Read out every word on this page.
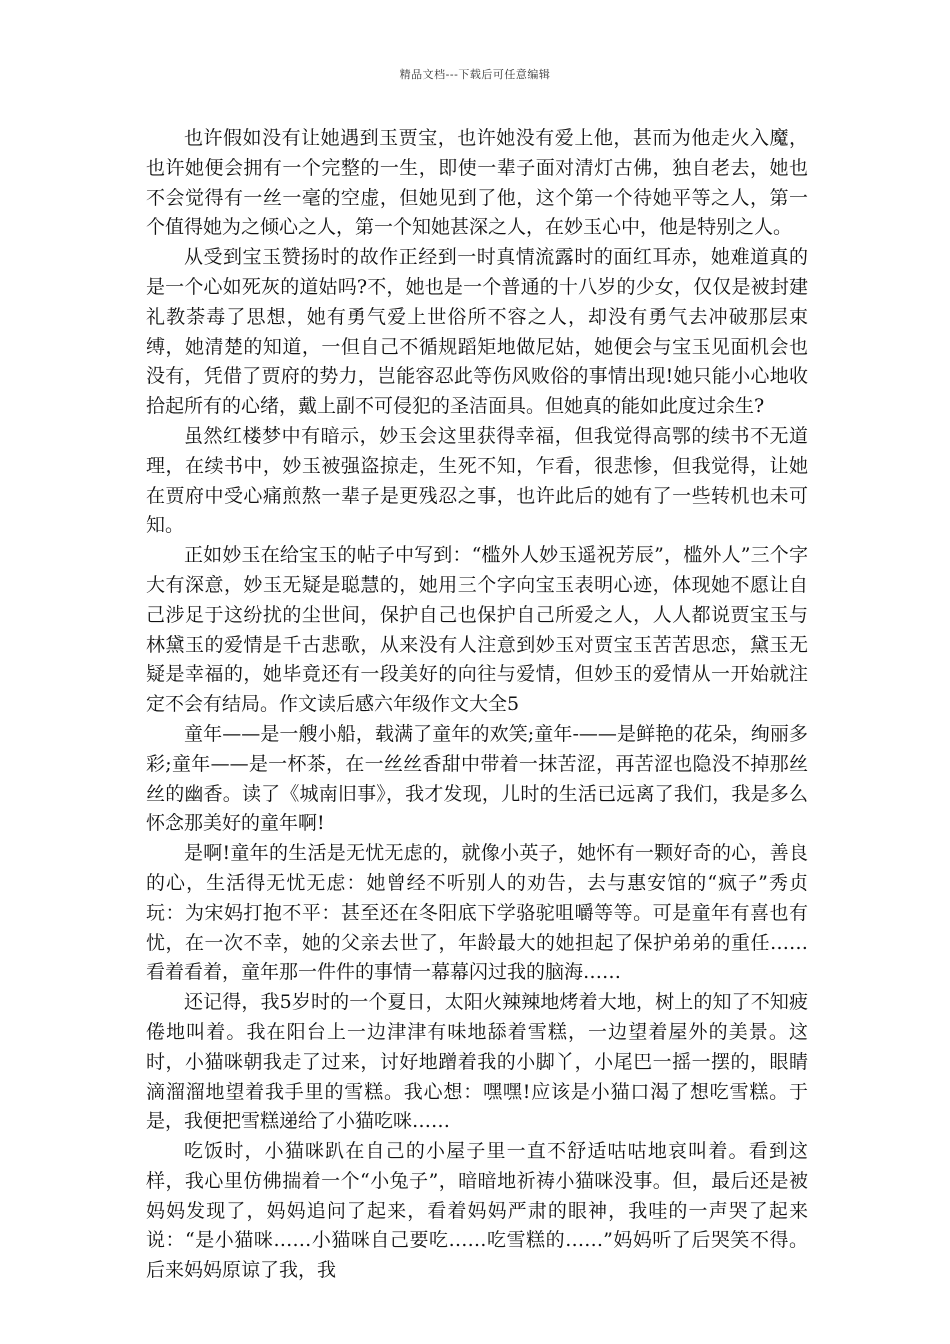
精品文档---下载后可任意编辑

也许假如没有让她遇到玉贾宝，也许她没有爱上他，甚而为他走火入魔，也许她便会拥有一个完整的一生，即使一辈子面对清灯古佛，独自老去，她也不会觉得有一丝一毫的空虚，但她见到了他，这个第一个待她平等之人，第一个值得她为之倾心之人，第一个知她甚深之人，在妙玉心中，他是特别之人。

从受到宝玉赞扬时的故作正经到一时真情流露时的面红耳赤，她难道真的是一个心如死灰的道姑吗?不，她也是一个普通的十八岁的少女，仅仅是被封建礼教荼毒了思想，她有勇气爱上世俗所不容之人，却没有勇气去冲破那层束缚，她清楚的知道，一但自己不循规蹈矩地做尼姑，她便会与宝玉见面机会也没有，凭借了贾府的势力，岂能容忍此等伤风败俗的事情出现!她只能小心地收拾起所有的心绪，戴上副不可侵犯的圣洁面具。但她真的能如此度过余生?

虽然红楼梦中有暗示，妙玉会这里获得幸福，但我觉得高鄂的续书不无道理，在续书中，妙玉被强盗掠走，生死不知，乍看，很悲惨，但我觉得，让她在贾府中受心痛煎熬一辈子是更残忍之事，也许此后的她有了一些转机也未可知。

正如妙玉在给宝玉的帖子中写到：“槛外人妙玉遥祝芳辰”，槛外人”三个字大有深意，妙玉无疑是聪慧的，她用三个字向宝玉表明心迹，体现她不愿让自己涉足于这纷扰的尘世间，保护自己也保护自己所爱之人，人人都说贾宝玉与林黛玉的爱情是千古悲歌，从来没有人注意到妙玉对贾宝玉苦苦思恋，黛玉无疑是幸福的，她毕竟还有一段美好的向往与爱情，但妙玉的爱情从一开始就注定不会有结局。作文读后感六年级作文大全5

童年——是一艘小船，载满了童年的欢笑;童年-——是鲜艳的花朵，绚丽多彩;童年——是一杯茶，在一丝丝香甜中带着一抹苦涩，再苦涩也隐没不掉那丝丝的幽香。读了《城南旧事》，我才发现，儿时的生活已远离了我们，我是多么怀念那美好的童年啊!

是啊!童年的生活是无忧无虑的，就像小英子，她怀有一颗好奇的心，善良的心，生活得无忧无虑：她曾经不听别人的劝告，去与惠安馆的“疯子”秀贞玩：为宋妈打抱不平：甚至还在冬阳底下学骆驼咀嚼等等。可是童年有喜也有忧，在一次不幸，她的父亲去世了，年龄最大的她担起了保护弟弟的重任……看着看着，童年那一件件的事情一幕幕闪过我的脑海……

还记得，我5岁时的一个夏日，太阳火辣辣地烤着大地，树上的知了不知疲倦地叫着。我在阳台上一边津津有味地舔着雪糕，一边望着屋外的美景。这时，小猫咪朝我走了过来，讨好地蹭着我的小脚丫，小尾巴一摇一摆的，眼睛滴溜溜地望着我手里的雪糕。我心想：嘿嘿!应该是小猫口渴了想吃雪糕。于是，我便把雪糕递给了小猫吃咪……

吃饭时，小猫咪趴在自己的小屋子里一直不舒适咕咕地哀叫着。看到这样，我心里仿佛揣着一个“小兔子”，暗暗地祈祷小猫咪没事。但，最后还是被妈妈发现了，妈妈追问了起来，看着妈妈严肃的眼神，我哇的一声哭了起来说：“是小猫咪……小猫咪自己要吃……吃雪糕的……”妈妈听了后哭笑不得。后来妈妈原谅了我，我
